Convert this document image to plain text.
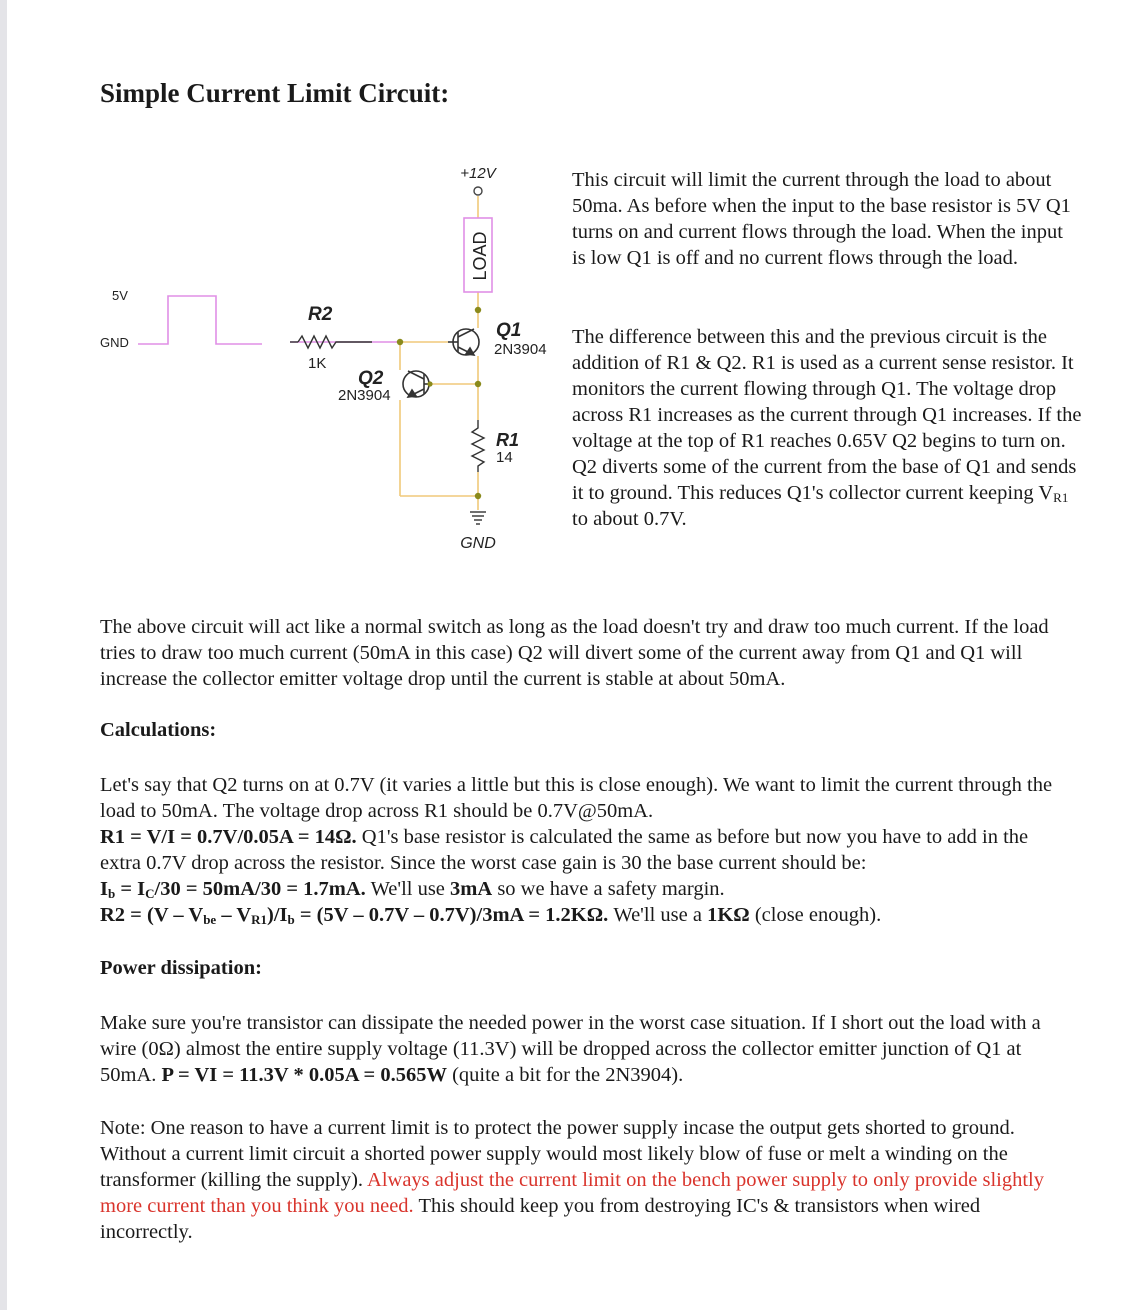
Simple Current Limit Circuit:
+12V
LOAD
Q1
2N3904
Q2
2N3904
R1
14
R2
1K
GND
5V
GND

This circuit will limit the current through the load to about 50ma. As before when the input to the base resistor is 5V Q1 turns on and current flows through the load. When the input is low Q1 is off and no current flows through the load.

The difference between this and the previous circuit is the addition of R1 & Q2. R1 is used as a current sense resistor. It monitors the current flowing through Q1. The voltage drop across R1 increases as the current through Q1 increases. If the voltage at the top of R1 reaches 0.65V Q2 begins to turn on. Q2 diverts some of the current from the base of Q1 and sends it to ground. This reduces Q1's collector current keeping $V_{R1}$ to about 0.7V.

The above circuit will act like a normal switch as long as the load doesn't try and draw too much current. If the load tries to draw too much current (50mA in this case) Q2 will divert some of the current away from Q1 and Q1 will increase the collector emitter voltage drop until the current is stable at about 50mA.

Calculations:
Let's say that Q2 turns on at 0.7V (it varies a little but this is close enough). We want to limit the current through the load to 50mA. The voltage drop across R1 should be 0.7V@50mA.
R1 = V/I = 0.7V/0.05A = 14Ω. Q1's base resistor is calculated the same as before but now you have to add in the extra 0.7V drop across the resistor. Since the worst case gain is 30 the base current should be:
$I_b = I_C/30 = 50mA/30 = 1.7mA$. We'll use 3mA so we have a safety margin.
$R2 = (V - V_{be} - V_{R1})/I_b = (5V - 0.7V - 0.7V)/3mA = 1.2K\Omega$. We'll use a 1KΩ (close enough).
Power dissipation:

Make sure you're transistor can dissipate the needed power in the worst case situation. If I short out the load with a wire (0Ω) almost the entire supply voltage (11.3V) will be dropped across the collector emitter junction of Q1 at 50mA. P = VI = 11.3V * 0.05A = 0.565W (quite a bit for the 2N3904).

Note: One reason to have a current limit is to protect the power supply incase the output gets shorted to ground. Without a current limit circuit a shorted power supply would most likely blow of fuse or melt a winding on the transformer (killing the supply). Always adjust the current limit on the bench power supply to only provide slightly more current than you think you need. This should keep you from destroying IC's & transistors when wired incorrectly.
